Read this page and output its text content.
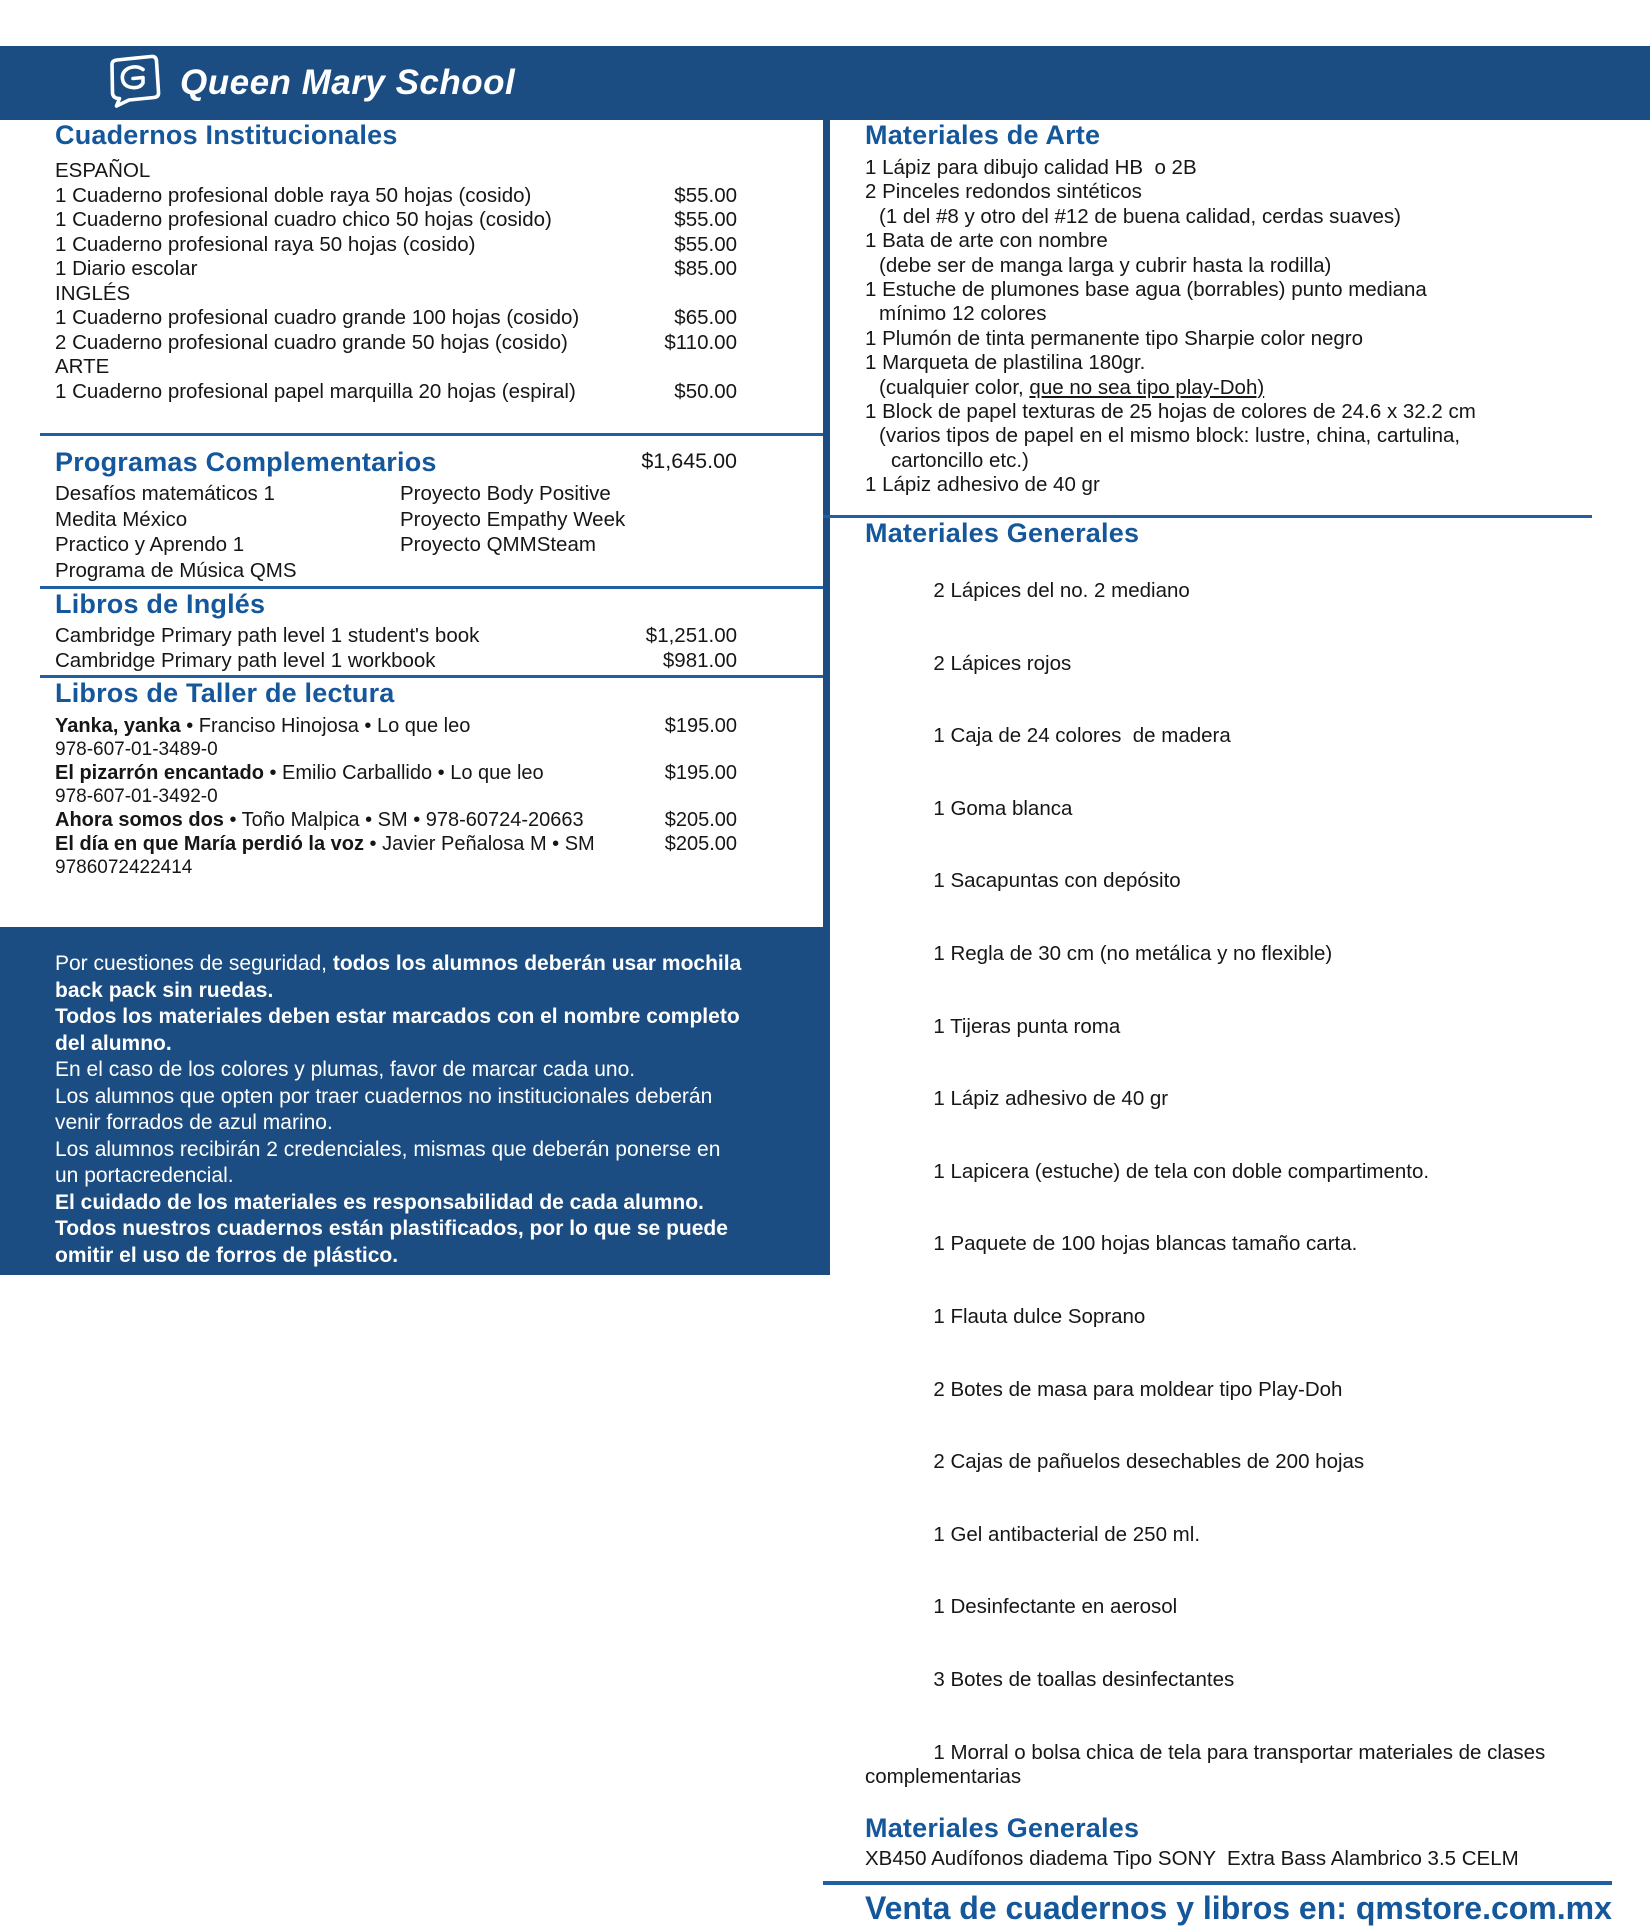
Queen Mary School

1º Primaria

Ciclo escolar 2025-2026

Cuadernos Institucionales
ESPAÑOL
1 Cuaderno profesional doble raya 50 hojas (cosido)	$55.00
1 Cuaderno profesional cuadro chico 50 hojas (cosido)	$55.00
1 Cuaderno profesional raya 50 hojas (cosido)	$55.00
1 Diario escolar	$85.00
INGLÉS
1 Cuaderno profesional cuadro grande 100 hojas (cosido)	$65.00
2 Cuaderno profesional cuadro grande 50 hojas (cosido)	$110.00
ARTE
1 Cuaderno profesional papel marquilla 20 hojas (espiral)	$50.00
Programas Complementarios	$1,645.00
Desafíos matemáticos 1
Medita México
Practico y Aprendo 1
Programa de Música QMS
Proyecto Body Positive
Proyecto Empathy Week
Proyecto QMMSteam
Libros de Inglés
Cambridge Primary path level 1 student's book	$1,251.00
Cambridge Primary path level 1 workbook	$981.00
Libros de Taller de lectura
Yanka, yanka • Franciso Hinojosa • Lo que leo	$195.00
978-607-01-3489-0
El pizarrón encantado • Emilio Carballido • Lo que leo	$195.00
978-607-01-3492-0
Ahora somos dos • Toño Malpica • SM • 978-60724-20663	$205.00
El día en que María perdió la voz • Javier Peñalosa M • SM	$205.00
9786072422414
Por cuestiones de seguridad, todos los alumnos deberán usar mochila back pack sin ruedas.
Todos los materiales deben estar marcados con el nombre completo del alumno.
En el caso de los colores y plumas, favor de marcar cada uno.
Los alumnos que opten por traer cuadernos no institucionales deberán venir forrados de azul marino.
Los alumnos recibirán 2 credenciales, mismas que deberán ponerse en un portacredencial.
El cuidado de los materiales es responsabilidad de cada alumno.
Todos nuestros cuadernos están plastificados, por lo que se puede omitir el uso de forros de plástico.
Materiales de Arte
1 Lápiz para dibujo calidad HB  o 2B
2 Pinceles redondos sintéticos
(1 del #8 y otro del #12 de buena calidad, cerdas suaves)
1 Bata de arte con nombre
(debe ser de manga larga y cubrir hasta la rodilla)
1 Estuche de plumones base agua (borrables) punto mediana
mínimo 12 colores
1 Plumón de tinta permanente tipo Sharpie color negro
1 Marqueta de plastilina 180gr.
(cualquier color, que no sea tipo play-Doh)
1 Block de papel texturas de 25 hojas de colores de 24.6 x 32.2 cm
(varios tipos de papel en el mismo block: lustre, china, cartulina,
cartoncillo etc.)
1 Lápiz adhesivo de 40 gr
Materiales Generales

2 Lápices del no. 2 mediano

2 Lápices rojos

1 Caja de 24 colores  de madera

1 Goma blanca

1 Sacapuntas con depósito

1 Regla de 30 cm (no metálica y no flexible)

1 Tijeras punta roma

1 Lápiz adhesivo de 40 gr

1 Lapicera (estuche) de tela con doble compartimento.

1 Paquete de 100 hojas blancas tamaño carta.

1 Flauta dulce Soprano

2 Botes de masa para moldear tipo Play-Doh

2 Cajas de pañuelos desechables de 200 hojas

1 Gel antibacterial de 250 ml.

1 Desinfectante en aerosol

3 Botes de toallas desinfectantes

1 Morral o bolsa chica de tela para transportar materiales de clases complementarias

Materiales Generales
XB450 Audífonos diadema Tipo SONY  Extra Bass Alambrico 3.5 CELM
Venta de cuadernos y libros en: qmstore.com.mx
